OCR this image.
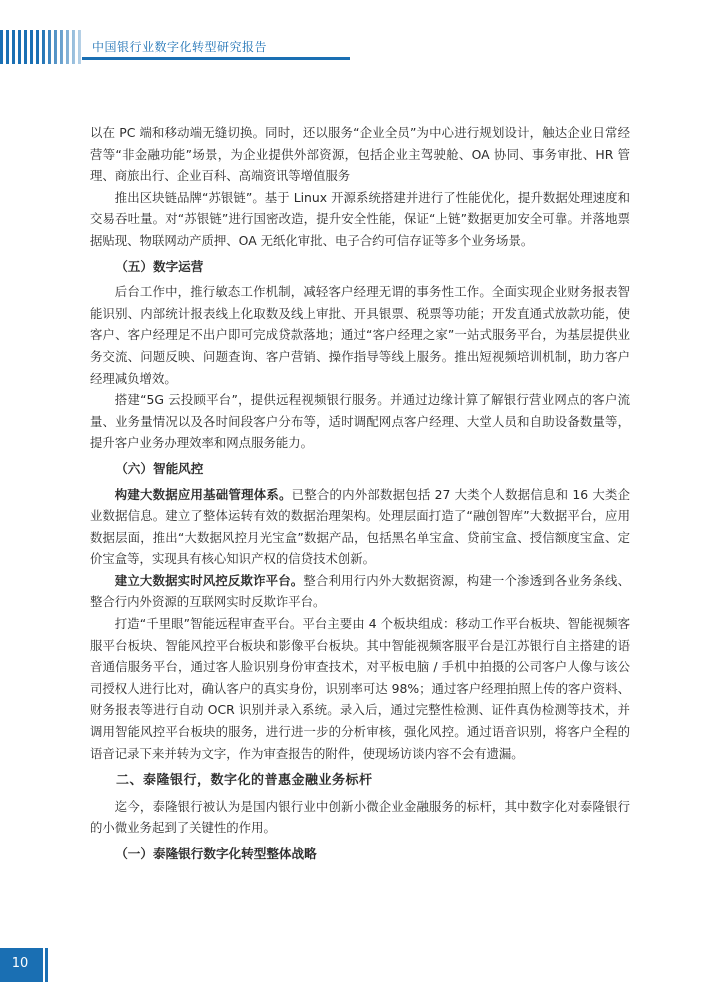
中国银行业数字化转型研究报告

以在 PC 端和移动端无缝切换。同时，还以服务“企业全员”为中心进行规划设计，触达企业日常经营等“非金融功能”场景，为企业提供外部资源，包括企业主驾驶舱、OA 协同、事务审批、HR 管理、商旅出行、企业百科、高端资讯等增值服务

推出区块链品牌“苏银链”。基于 Linux 开源系统搭建并进行了性能优化，提升数据处理速度和交易吞吐量。对“苏银链”进行国密改造，提升安全性能，保证“上链”数据更加安全可靠。并落地票据贴现、物联网动产质押、OA 无纸化审批、电子合约可信存证等多个业务场景。

（五）数字运营

后台工作中，推行敏态工作机制，减轻客户经理无谓的事务性工作。全面实现企业财务报表智能识别、内部统计报表线上化取数及线上审批、开具银票、税票等功能；开发直通式放款功能，使客户、客户经理足不出户即可完成贷款落地；通过“客户经理之家”一站式服务平台，为基层提供业务交流、问题反映、问题查询、客户营销、操作指导等线上服务。推出短视频培训机制，助力客户经理减负增效。

搭建“5G 云投顾平台”，提供远程视频银行服务。并通过边缘计算了解银行营业网点的客户流量、业务量情况以及各时间段客户分布等，适时调配网点客户经理、大堂人员和自助设备数量等，提升客户业务办理效率和网点服务能力。

（六）智能风控

构建大数据应用基础管理体系。已整合的内外部数据包括 27 大类个人数据信息和 16 大类企业数据信息。建立了整体运转有效的数据治理架构。处理层面打造了“融创智库”大数据平台，应用数据层面，推出“大数据风控月光宝盒”数据产品，包括黑名单宝盒、贷前宝盒、授信额度宝盒、定价宝盒等，实现具有核心知识产权的信贷技术创新。

建立大数据实时风控反欺诈平台。整合利用行内外大数据资源，构建一个渗透到各业务条线、整合行内外资源的互联网实时反欺诈平台。

打造“千里眼”智能远程审查平台。平台主要由 4 个板块组成：移动工作平台板块、智能视频客服平台板块、智能风控平台板块和影像平台板块。其中智能视频客服平台是江苏银行自主搭建的语音通信服务平台，通过客人脸识别身份审查技术，对平板电脑 / 手机中拍摄的公司客户人像与该公司授权人进行比对，确认客户的真实身份，识别率可达 98%；通过客户经理拍照上传的客户资料、财务报表等进行自动 OCR 识别并录入系统。录入后，通过完整性检测、证件真伪检测等技术，并调用智能风控平台板块的服务，进行进一步的分析审核，强化风控。通过语音识别，将客户全程的语音记录下来并转为文字，作为审查报告的附件，使现场访谈内容不会有遗漏。

二、泰隆银行，数字化的普惠金融业务标杆

迄今，泰隆银行被认为是国内银行业中创新小微企业金融服务的标杆，其中数字化对泰隆银行的小微业务起到了关键性的作用。

（一）泰隆银行数字化转型整体战略

10
